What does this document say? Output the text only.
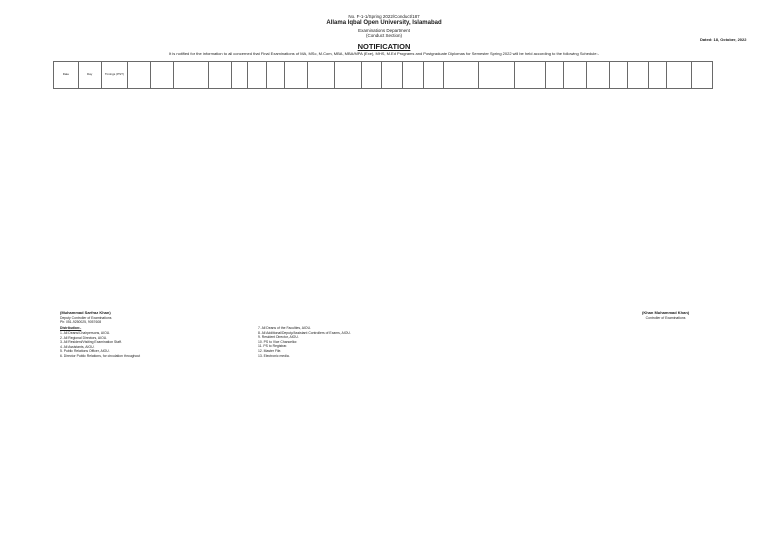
No. F-1-1/Spring 2022/Conduct/187
Allama Iqbal Open University, Islamabad
Examinations Department
(Conduct Section)
Dated: 18, October, 2022
NOTIFICATION
It is notified for the information to all concerned that Final Examinations of MA, MSc, M.Com, MBA, MBA/MPA (Exe), MHS, M.Ed Programs and Postgraduate Diplomas for Semester Spring 2022 will be held according to the following Schedule:-
Date	Day	Timings (PST)																									
(Muhammad Sarfraz Khan)
Deputy Controller of Examinations
Ph: 051-9250025, 9057608
(Khan Muhammad Khan)
Controller of Examinations
Distribution:-
1. All Deans/Chairpersons, AIOU.
2. All Regional Directors, AIOU.
3. All Resident/Visiting Examination Staff.
4. All Assistants, AIOU.
5. Public Relations Officer, AIOU.
6. Director Public Relations, for circulation throughout
7. All Deans of the Faculties, AIOU.
8. All Additional/Deputy/Assistant Controllers of Exams, AIOU.
9. Resident Director, AIOU.
10. PS to Vice Chancellor.
11. PS to Registrar.
12. Master File.
13. Electronic media.
